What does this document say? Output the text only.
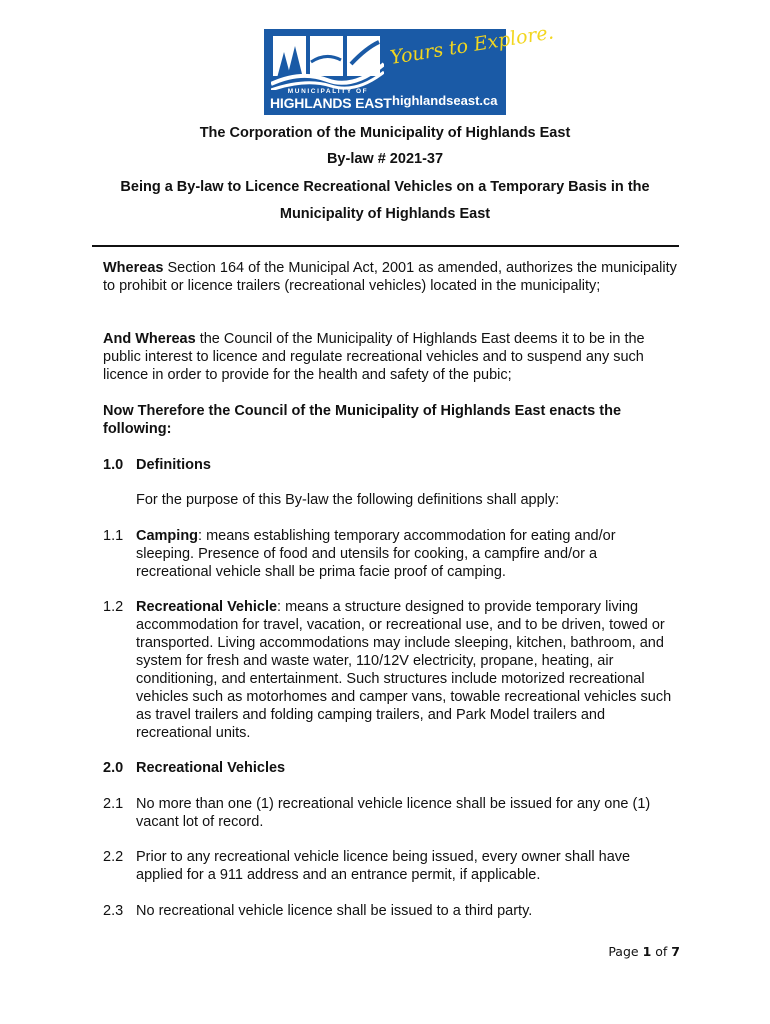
MUNICIPALITY OF
HIGHLANDS EAST
Yours to Explore.
highlandseast.ca
The Corporation of the Municipality of Highlands East
By-law # 2021-37
Being a By-law to Licence Recreational Vehicles on a Temporary Basis in the
Municipality of Highlands East

Whereas Section 164 of the Municipal Act, 2001 as amended, authorizes the municipality to prohibit or licence trailers (recreational vehicles) located in the municipality;

And Whereas the Council of the Municipality of Highlands East deems it to be in the public interest to licence and regulate recreational vehicles and to suspend any such licence in order to provide for the health and safety of the pubic;

Now Therefore the Council of the Municipality of Highlands East enacts the following:

1.0 Definitions

For the purpose of this By-law the following definitions shall apply:

1.1 Camping: means establishing temporary accommodation for eating and/or sleeping. Presence of food and utensils for cooking, a campfire and/or a recreational vehicle shall be prima facie proof of camping.

1.2 Recreational Vehicle: means a structure designed to provide temporary living accommodation for travel, vacation, or recreational use, and to be driven, towed or transported. Living accommodations may include sleeping, kitchen, bathroom, and system for fresh and waste water, 110/12V electricity, propane, heating, air conditioning, and entertainment. Such structures include motorized recreational vehicles such as motorhomes and camper vans, towable recreational vehicles such as travel trailers and folding camping trailers, and Park Model trailers and recreational units.

2.0 Recreational Vehicles
2.1 No more than one (1) recreational vehicle licence shall be issued for any one (1) vacant lot of record.

2.2 Prior to any recreational vehicle licence being issued, every owner shall have applied for a 911 address and an entrance permit, if applicable.

2.3 No recreational vehicle licence shall be issued to a third party.

Page 1 of 7
